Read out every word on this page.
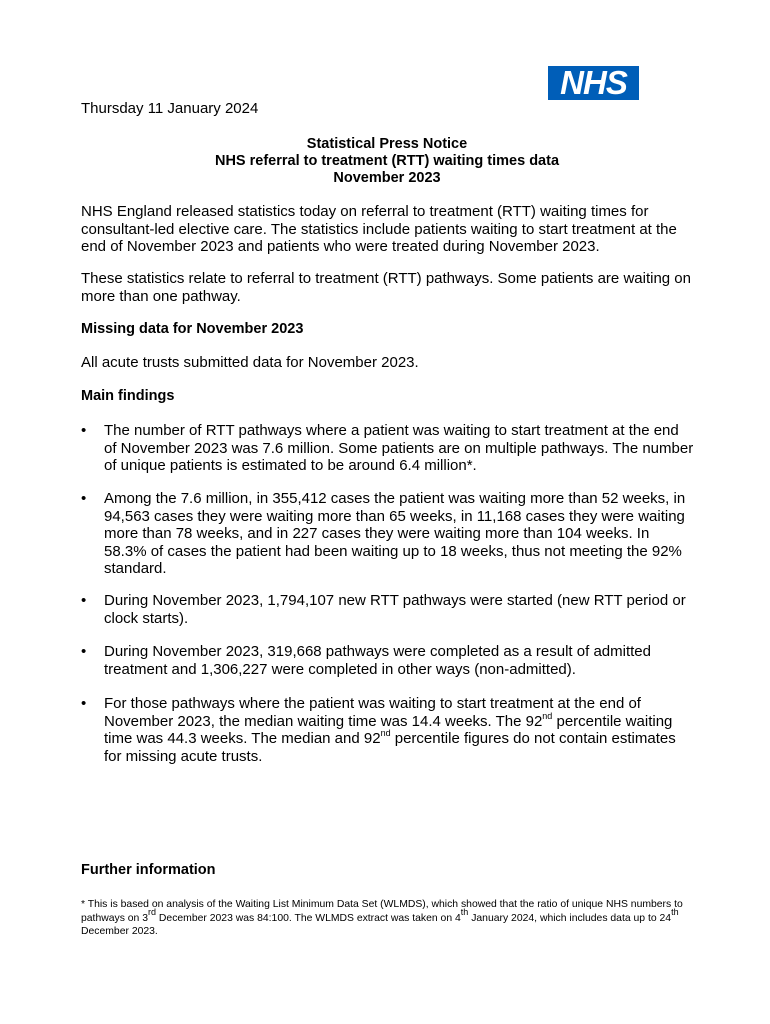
NHS
Thursday 11 January 2024
Statistical Press Notice
NHS referral to treatment (RTT) waiting times data
November 2023
NHS England released statistics today on referral to treatment (RTT) waiting times for consultant-led elective care. The statistics include patients waiting to start treatment at the end of November 2023 and patients who were treated during November 2023.
These statistics relate to referral to treatment (RTT) pathways. Some patients are waiting on more than one pathway.
Missing data for November 2023
All acute trusts submitted data for November 2023.
Main findings
• The number of RTT pathways where a patient was waiting to start treatment at the end of November 2023 was 7.6 million. Some patients are on multiple pathways. The number of unique patients is estimated to be around 6.4 million*.
• Among the 7.6 million, in 355,412 cases the patient was waiting more than 52 weeks, in 94,563 cases they were waiting more than 65 weeks, in 11,168 cases they were waiting more than 78 weeks, and in 227 cases they were waiting more than 104 weeks. In 58.3% of cases the patient had been waiting up to 18 weeks, thus not meeting the 92% standard.
• During November 2023, 1,794,107 new RTT pathways were started (new RTT period or clock starts).
• During November 2023, 319,668 pathways were completed as a result of admitted treatment and 1,306,227 were completed in other ways (non-admitted).
• For those pathways where the patient was waiting to start treatment at the end of November 2023, the median waiting time was 14.4 weeks. The 92nd percentile waiting time was 44.3 weeks. The median and 92nd percentile figures do not contain estimates for missing acute trusts.
Further information
* This is based on analysis of the Waiting List Minimum Data Set (WLMDS), which showed that the ratio of unique NHS numbers to pathways on 3rd December 2023 was 84:100. The WLMDS extract was taken on 4th January 2024, which includes data up to 24th December 2023.
